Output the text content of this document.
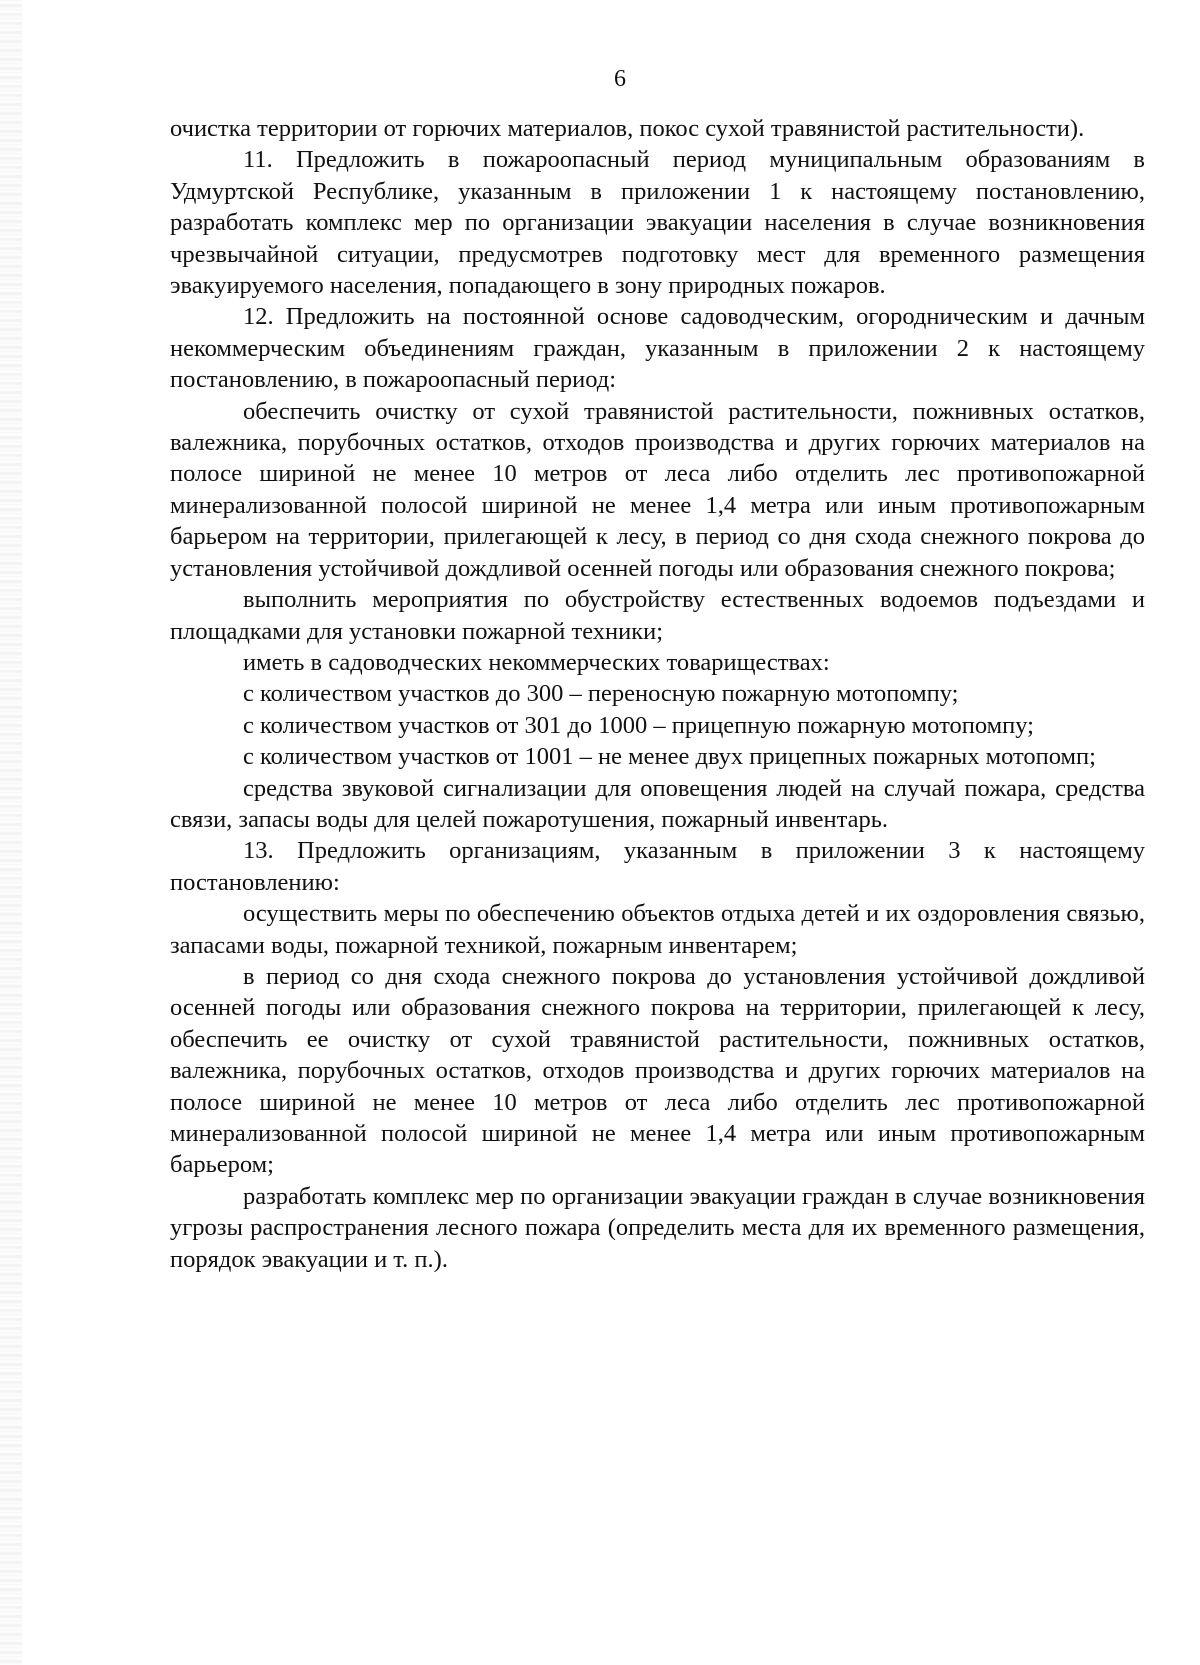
6

очистка территории от горючих материалов, покос сухой травянистой растительности).

11. Предложить в пожароопасный период муниципальным образованиям в Удмуртской Республике, указанным в приложении 1 к настоящему постановлению, разработать комплекс мер по организации эвакуации населения в случае возникновения чрезвычайной ситуации, предусмотрев подготовку мест для временного размещения эвакуируемого населения, попадающего в зону природных пожаров.

12. Предложить на постоянной основе садоводческим, огородническим и дачным некоммерческим объединениям граждан, указанным в приложении 2 к настоящему постановлению, в пожароопасный период:

обеспечить очистку от сухой травянистой растительности, пожнивных остатков, валежника, порубочных остатков, отходов производства и других горючих материалов на полосе шириной не менее 10 метров от леса либо отделить лес противопожарной минерализованной полосой шириной не менее 1,4 метра или иным противопожарным барьером на территории, прилегающей к лесу, в период со дня схода снежного покрова до установления устойчивой дождливой осенней погоды или образования снежного покрова;

выполнить мероприятия по обустройству естественных водоемов подъездами и площадками для установки пожарной техники;

иметь в садоводческих некоммерческих товариществах:

с количеством участков до 300 – переносную пожарную мотопомпу;

с количеством участков от 301 до 1000 – прицепную пожарную мотопомпу;

с количеством участков от 1001 – не менее двух прицепных пожарных мотопомп;

средства звуковой сигнализации для оповещения людей на случай пожара, средства связи, запасы воды для целей пожаротушения, пожарный инвентарь.

13. Предложить организациям, указанным в приложении 3 к настоящему постановлению:

осуществить меры по обеспечению объектов отдыха детей и их оздоровления связью, запасами воды, пожарной техникой, пожарным инвентарем;

в период со дня схода снежного покрова до установления устойчивой дождливой осенней погоды или образования снежного покрова на территории, прилегающей к лесу, обеспечить ее очистку от сухой травянистой растительности, пожнивных остатков, валежника, порубочных остатков, отходов производства и других горючих материалов на полосе шириной не менее 10 метров от леса либо отделить лес противопожарной минерализованной полосой шириной не менее 1,4 метра или иным противопожарным барьером;

разработать комплекс мер по организации эвакуации граждан в случае возникновения угрозы распространения лесного пожара (определить места для их временного размещения, порядок эвакуации и т. п.).
